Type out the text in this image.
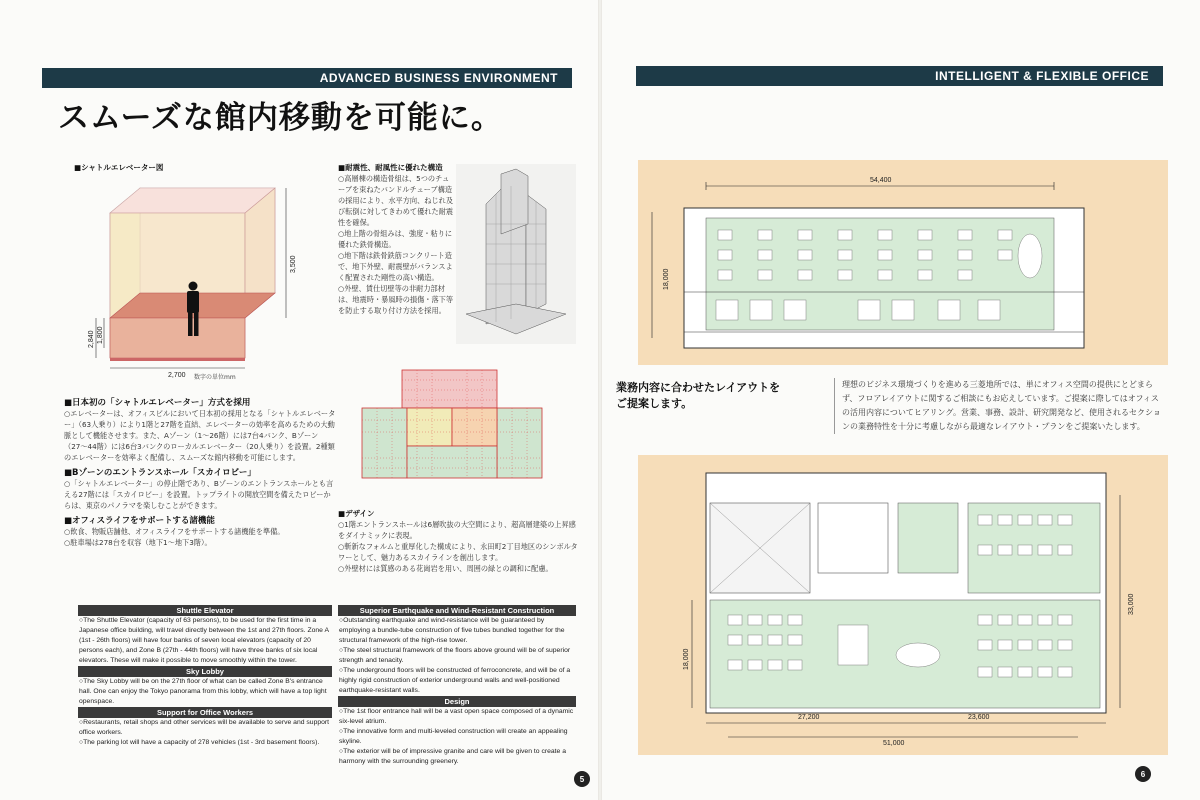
ADVANCED BUSINESS ENVIRONMENT
スムーズな館内移動を可能に。
■シャトルエレベーター図
2,700
3,500
2,840 1,800
数字の単位mm
■日本初の「シャトルエレベーター」方式を採用
○エレベーターは、オフィスビルにおいて日本初の採用となる「シャトルエレベーター」（63人乗り）により1階と27階を直結、エレベーターの効率を高めるための大動脈として機能させます。また、Aゾーン（1〜26階）には7台4バンク、Bゾーン（27〜44階）には6台3バンクのローカルエレベーター（20人乗り）を設置。2種類のエレベーターを効率よく配備し、スムーズな館内移動を可能にします。
■Bゾーンのエントランスホール「スカイロビー」
○「シャトルエレベーター」の停止階であり、Bゾーンのエントランスホールとも言える27階には「スカイロビー」を設置。トップライトの開放空間を備えたロビーからは、東京のパノラマを楽しむことができます。
■オフィスライフをサポートする諸機能
○飲食、物販店舗他、オフィスライフをサポートする諸機能を準備。
○駐車場は278台を収容（地下1〜地下3階）。
■耐震性、耐風性に優れた構造
○高層棟の構造骨組は、5つのチューブを束ねたバンドルチューブ構造の採用により、水平方向、ねじれ及び転倒に対してきわめて優れた耐震性を確保。
○地上階の骨組みは、強度・粘りに優れた鉄骨構造。
○地下階は鉄骨鉄筋コンクリート造で、地下外壁、耐震壁がバランスよく配置された剛性の高い構造。
○外壁、賃仕切壁等の非耐力部材は、地震時・暴風時の損傷・落下等を防止する取り付け方法を採用。
■デザイン
○1階エントランスホールは6層吹抜の大空間により、超高層建築の上昇感をダイナミックに表現。
○斬新なフォルムと重厚化した構成により、永田町2丁目地区のシンボルタワーとして、魅力あるスカイラインを創出します。
○外壁材には質感のある花崗岩を用い、周囲の緑との調和に配慮。
Shuttle Elevator
○The Shuttle Elevator (capacity of 63 persons), to be used for the first time in a Japanese office building, will travel directly between the 1st and 27th floors. Zone A (1st - 26th floors) will have four banks of seven local elevators (capacity of 20 persons each), and Zone B (27th - 44th floors) will have three banks of six local elevators. These will make it possible to move smoothly within the tower.
Sky Lobby
○The Sky Lobby will be on the 27th floor of what can be called Zone B's entrance hall. One can enjoy the Tokyo panorama from this lobby, which will have a top light openspace.
Support for Office Workers
○Restaurants, retail shops and other services will be available to serve and support office workers.
○The parking lot will have a capacity of 278 vehicles (1st - 3rd basement floors).
Superior Earthquake and Wind-Resistant Construction
○Outstanding earthquake and wind-resistance will be guaranteed by employing a bundle-tube construction of five tubes bundled together for the structural framework of the high-rise tower.
○The steel structural framework of the floors above ground will be of superior strength and tenacity.
○The underground floors will be constructed of ferroconcrete, and will be of a highly rigid construction of exterior underground walls and well-positioned earthquake-resistant walls.
Design
○The 1st floor entrance hall will be a vast open space composed of a dynamic six-level atrium.
○The innovative form and multi-leveled construction will create an appealing skyline.
○The exterior will be of impressive granite and care will be given to create a harmony with the surrounding greenery.
5
INTELLIGENT & FLEXIBLE OFFICE
54,400
18,000
業務内容に合わせたレイアウトを
ご提案します。
理想のビジネス環境づくりを進める三菱地所では、単にオフィス空間の提供にとどまらず、フロアレイアウトに関するご相談にもお応えしています。ご提案に際してはオフィスの活用内容についてヒアリング。営業、事務、設計、研究開発など、使用されるセクションの業務特性を十分に考慮しながら最適なレイアウト・プランをご提案いたします。
27,200	23,600
51,000
18,000
33,000
6
